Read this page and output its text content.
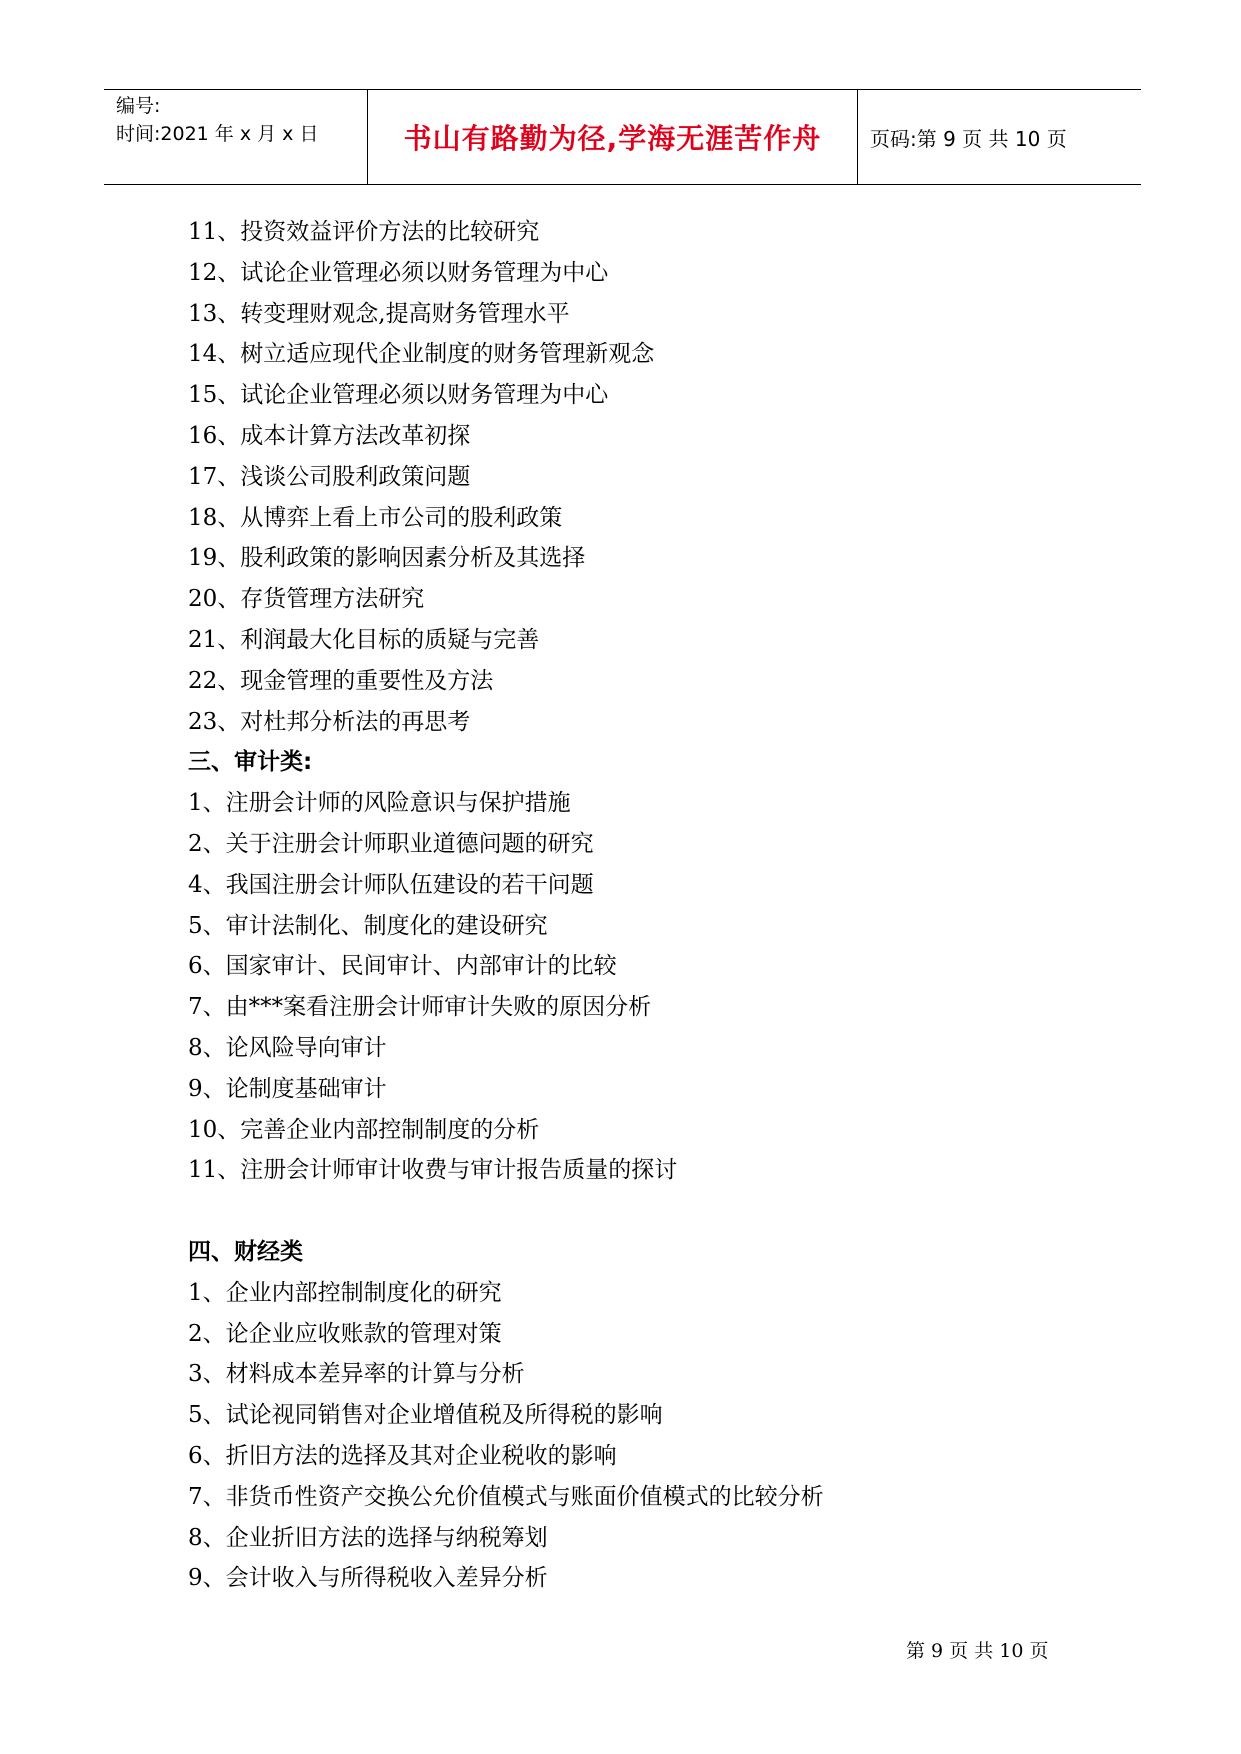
编号:
时间:2021 年 x 月 x 日	书山有路勤为径,学海无涯苦作舟 页码:第 9 页 共 10 页
11、投资效益评价方法的比较研究
12、试论企业管理必须以财务管理为中心
13、转变理财观念,提高财务管理水平
14、树立适应现代企业制度的财务管理新观念
15、试论企业管理必须以财务管理为中心
16、成本计算方法改革初探
17、浅谈公司股利政策问题
18、从博弈上看上市公司的股利政策
19、股利政策的影响因素分析及其选择
20、存货管理方法研究
21、利润最大化目标的质疑与完善
22、现金管理的重要性及方法
23、对杜邦分析法的再思考
三、审计类:
1、注册会计师的风险意识与保护措施
2、关于注册会计师职业道德问题的研究
4、我国注册会计师队伍建设的若干问题
5、审计法制化、制度化的建设研究
6、国家审计、民间审计、内部审计的比较
7、由***案看注册会计师审计失败的原因分析
8、论风险导向审计
9、论制度基础审计
10、完善企业内部控制制度的分析
11、注册会计师审计收费与审计报告质量的探讨
四、财经类
1、企业内部控制制度化的研究
2、论企业应收账款的管理对策
3、材料成本差异率的计算与分析
5、试论视同销售对企业增值税及所得税的影响
6、折旧方法的选择及其对企业税收的影响
7、非货币性资产交换公允价值模式与账面价值模式的比较分析
8、企业折旧方法的选择与纳税筹划
9、会计收入与所得税收入差异分析
第 9 页 共 10 页
